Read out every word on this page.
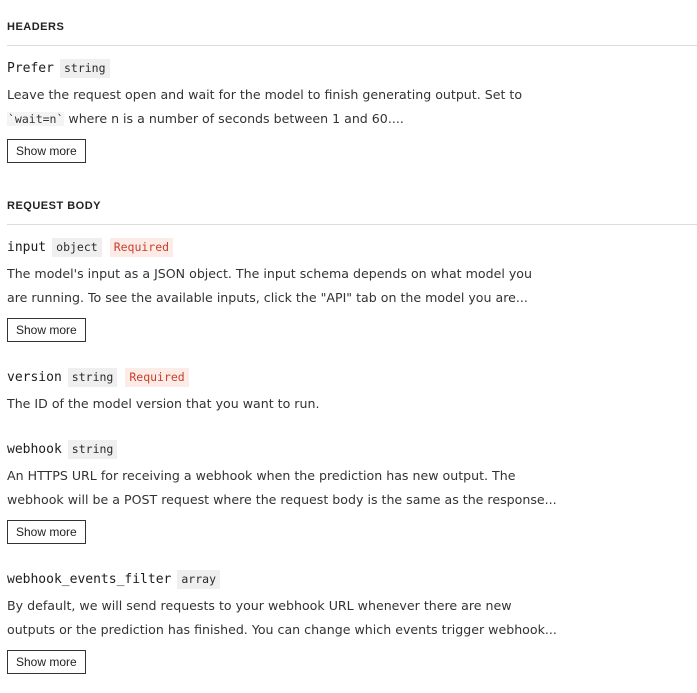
HEADERS
Prefer string
Leave the request open and wait for the model to finish generating output. Set to
`wait=n` where n is a number of seconds between 1 and 60....
Show more
REQUEST BODY
input object	Required
The model's input as a JSON object. The input schema depends on what model you
are running. To see the available inputs, click the "API" tab on the model you are...
Show more
version string	Required
The ID of the model version that you want to run.
webhook string
An HTTPS URL for receiving a webhook when the prediction has new output. The
webhook will be a POST request where the request body is the same as the response...
Show more
webhook_events_filter array
By default, we will send requests to your webhook URL whenever there are new
outputs or the prediction has finished. You can change which events trigger webhook...
Show more
